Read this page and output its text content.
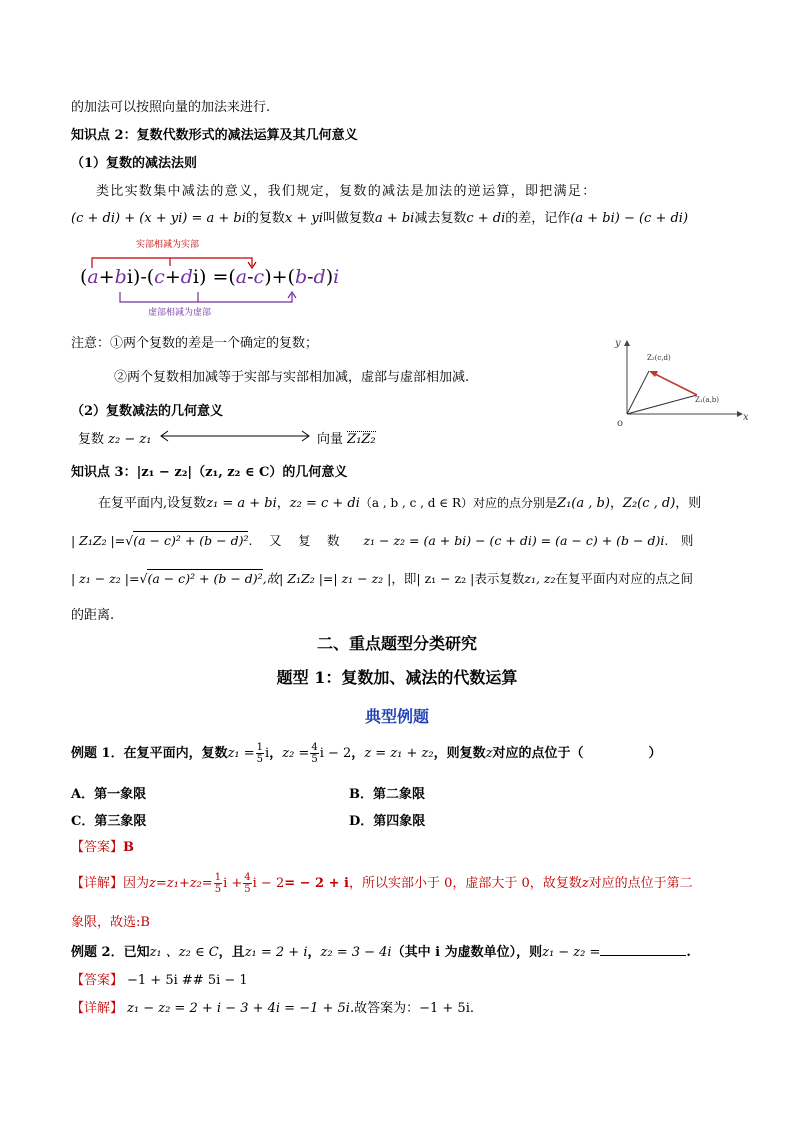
的加法可以按照向量的加法来进行.
知识点 2：复数代数形式的减法运算及其几何意义
（1）复数的减法法则
类比实数集中减法的意义，我们规定，复数的减法是加法的逆运算，即把满足：
(c + di) + (x + yi) = a + bi的复数x + yi叫做复数a + bi减去复数c + di的差，记作(a + bi) − (c + di)
实部相减为实部
(a+bi)-(c+di) =(a-c)+(b-d)i
虚部相减为虚部
注意：①两个复数的差是一个确定的复数；
②两个复数相加减等于实部与实部相加减，虚部与虚部相加减.
y
x
o
Z₂(c,d)
Z₁(a,b)
（2）复数减法的几何意义
复数 z₂ − z₁	向量 Z₁Z₂
知识点 3：|z₁ − z₂|（z₁, z₂ ∈ C）的几何意义
在复平面内,设复数z₁ = a + bi，z₂ = c + di（a , b , c , d ∈ R）对应的点分别是Z₁(a , b)，Z₂(c , d)，则
| Z₁Z₂ |=√(a − c)² + (b − d)².　又　复　数 z₁ − z₂ = (a + bi) − (c + di) = (a − c) + (b − d)i.　则
| z₁ − z₂ |=√(a − c)² + (b − d)²,故| Z₁Z₂ |=| z₁ − z₂ |，即| z₁ − z₂ |表示复数z₁, z₂在复平面内对应的点之间
的距离.
二、重点题型分类研究
题型 1：复数加、减法的代数运算
典型例题
例题 1．在复平面内，复数$z_1 = \frac{1}{5}$ i，$z_2 = \frac{4}{5}$ i − 2，z = z₁ + z₂，则复数z对应的点位于（　　　　　）
A．第一象限	B．第二象限
C．第三象限	D．第四象限
【答案】B
【详解】因为$z=z_1+z_2= \frac{1}{5}$ $i + \frac{4}{5}$ i − 2= − 2 + i，所以实部小于 0，虚部大于 0，故复数z对应的点位于第二
象限，故选:B
例题 2．已知z₁ 、z₂ ∈ C，且z₁ = 2 + i，z₂ = 3 − 4i（其中 i 为虚数单位），则z₁ − z₂ =	.
【答案】 −1 + 5i ## 5i − 1
【详解】 z₁ − z₂ = 2 + i − 3 + 4i = −1 + 5i.故答案为：−1 + 5i.
